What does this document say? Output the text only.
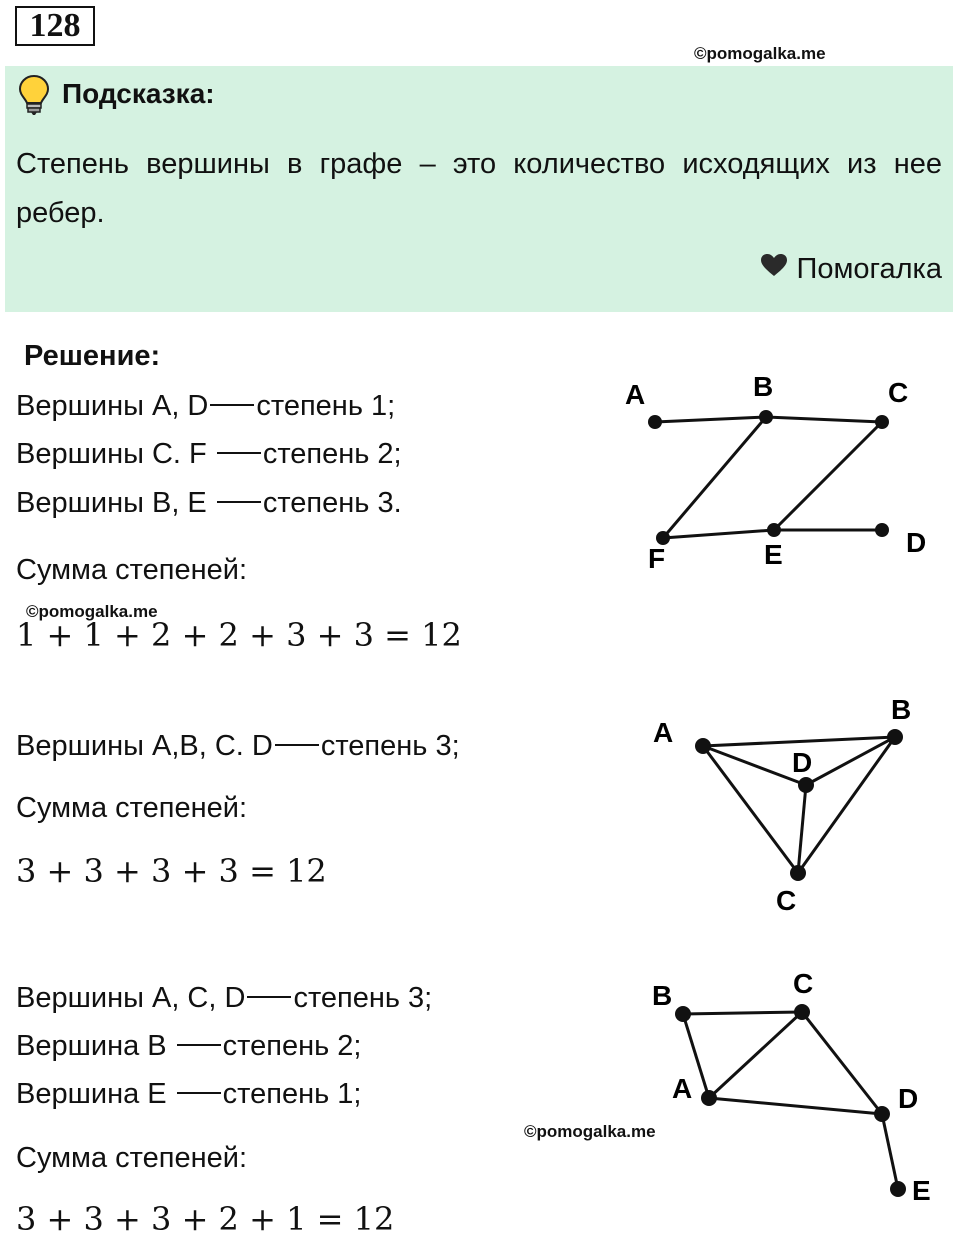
128
©pomogalka.me
Подсказка:
Степень вершины в графе – это количество исходящих из нее ребер.
Помогалка
Решение:
Вершины A, D степень 1;
Вершины C. F степень 2;
Вершины B, E степень 3.
Сумма степеней:
©pomogalka.me
1 + 1 + 2 + 2 + 3 + 3 = 12
A	B	C
F	E	D
Вершины A,B, C. D степень 3;
Сумма степеней:
3 + 3 + 3 + 3 = 12
A
B
D
C
Вершины A, C, D степень 3;
Вершина B степень 2;
Вершина E степень 1;
©pomogalka.me
Сумма степеней:
3 + 3 + 3 + 2 + 1 = 12
B	C
A	D
E
